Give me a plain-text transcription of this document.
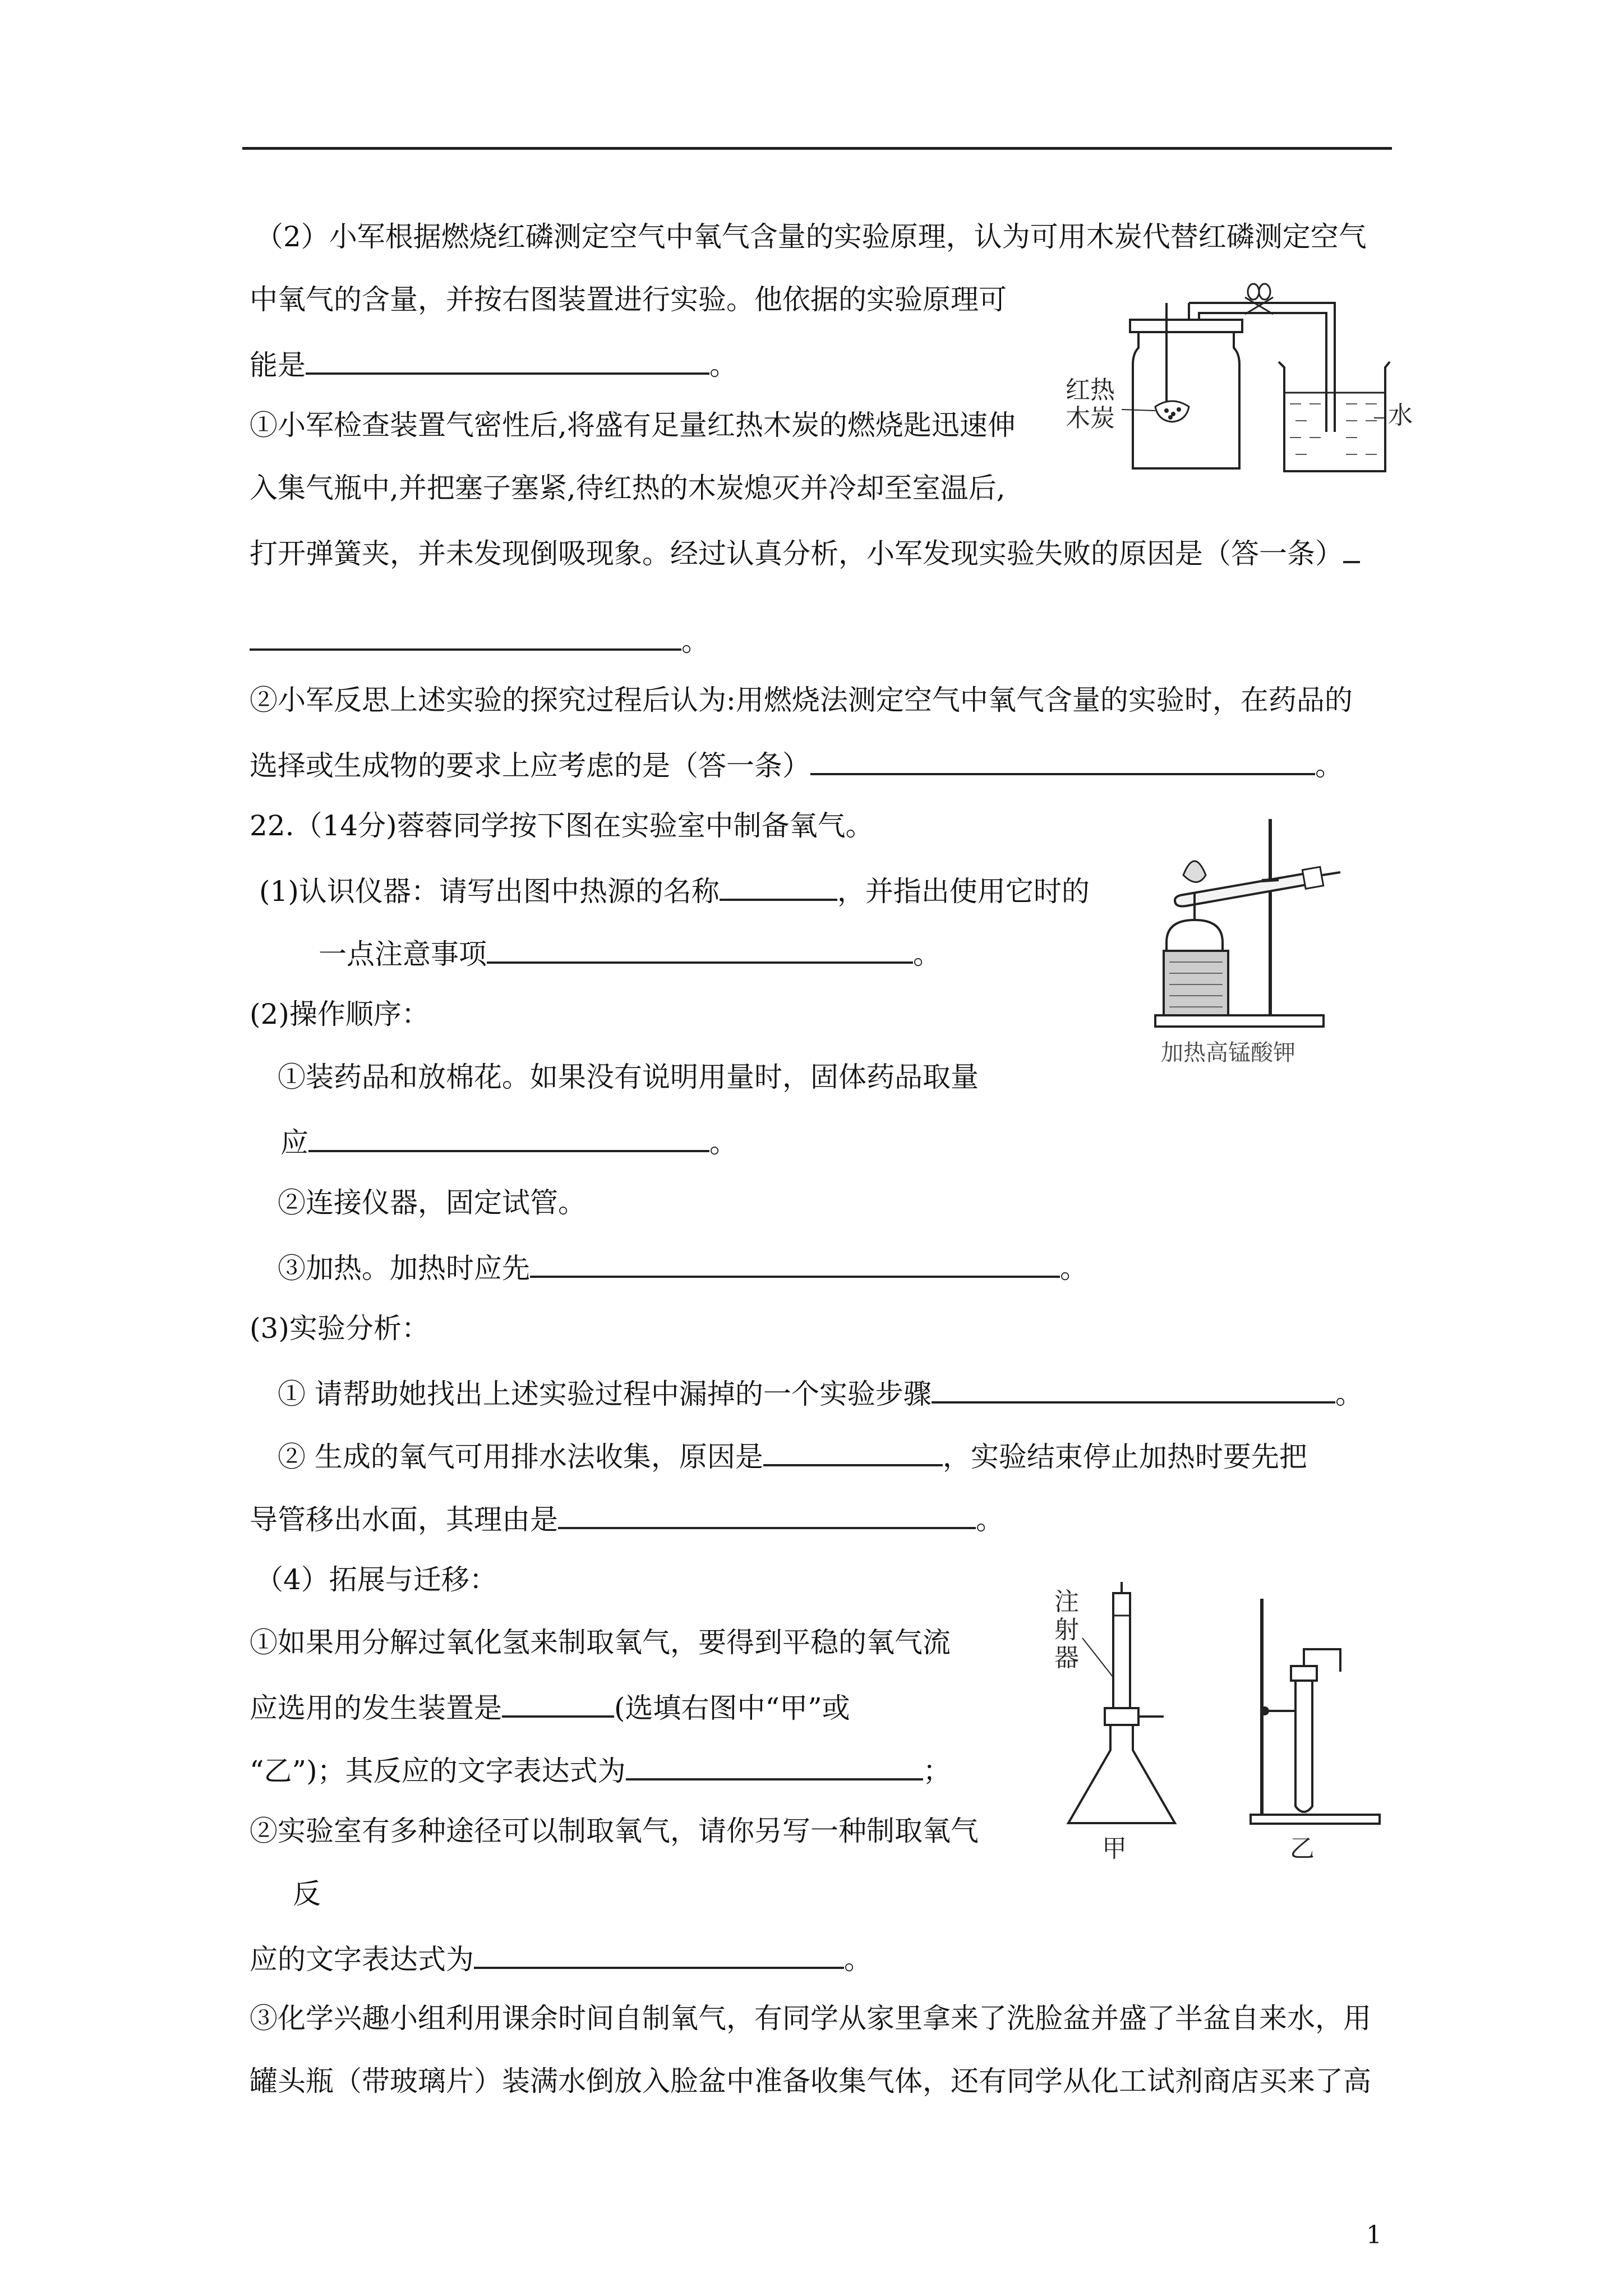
（2）小军根据燃烧红磷测定空气中氧气含量的实验原理，认为可用木炭代替红磷测定空气
中氧气的含量，并按右图装置进行实验。他依据的实验原理可
能是	。
①小军检查装置气密性后,将盛有足量红热木炭的燃烧匙迅速伸
入集气瓶中,并把塞子塞紧,待红热的木炭熄灭并冷却至室温后,
打开弹簧夹，并未发现倒吸现象。经过认真分析，小军发现实验失败的原因是（答一条）
。
②小军反思上述实验的探究过程后认为:用燃烧法测定空气中氧气含量的实验时，在药品的
选择或生成物的要求上应考虑的是（答一条）	。
红热
木炭	水
22.（14分)蓉蓉同学按下图在实验室中制备氧气。
(1)认识仪器：请写出图中热源的名称	，并指出使用它时的
一点注意事项	。
(2)操作顺序：
①装药品和放棉花。如果没有说明用量时，固体药品取量
应	。
②连接仪器，固定试管。
③加热。加热时应先	。
(3)实验分析：
① 请帮助她找出上述实验过程中漏掉的一个实验步骤	。
② 生成的氧气可用排水法收集，原因是	，实验结束停止加热时要先把
导管移出水面，其理由是	。
（4）拓展与迁移：
①如果用分解过氧化氢来制取氧气，要得到平稳的氧气流
应选用的发生装置是	(选填右图中“甲”或
“乙”)；其反应的文字表达式为	；
②实验室有多种途径可以制取氧气，请你另写一种制取氧气
反
应的文字表达式为	。
③化学兴趣小组利用课余时间自制氧气，有同学从家里拿来了洗脸盆并盛了半盆自来水，用
罐头瓶（带玻璃片）装满水倒放入脸盆中准备收集气体，还有同学从化工试剂商店买来了高
加热高锰酸钾
注
射
器
甲	乙
1
